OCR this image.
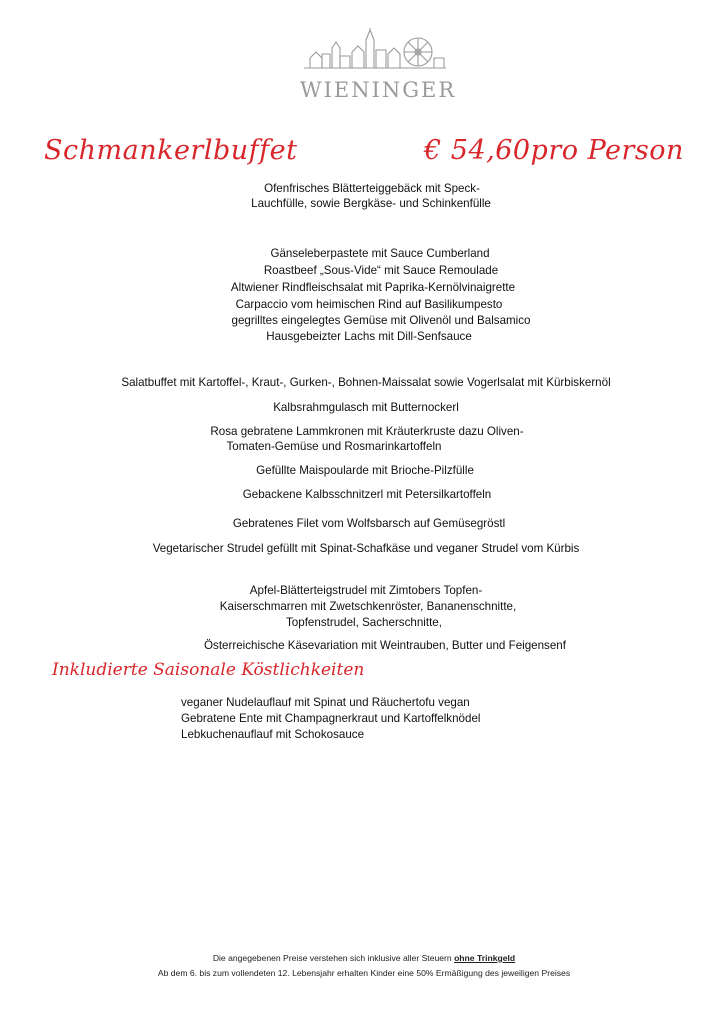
WIENINGER
Schmankerlbuffet	€ 54,60pro Person
Ofenfrisches Blätterteiggebäck mit Speck-
Lauchfülle, sowie Bergkäse- und Schinkenfülle
Gänseleberpastete mit Sauce Cumberland
Roastbeef „Sous-Vide“ mit Sauce Remoulade
Altwiener Rindfleischsalat mit Paprika-Kernölvinaigrette
Carpaccio vom heimischen Rind auf Basilikumpesto
gegrilltes eingelegtes Gemüse mit Olivenöl und Balsamico
Hausgebeizter Lachs mit Dill-Senfsauce
Salatbuffet mit Kartoffel-, Kraut-, Gurken-, Bohnen-Maissalat sowie Vogerlsalat mit Kürbiskernöl
Kalbsrahmgulasch mit Butternockerl
Rosa gebratene Lammkronen mit Kräuterkruste dazu Oliven-
Tomaten-Gemüse und Rosmarinkartoffeln
Gefüllte Maispoularde mit Brioche-Pilzfülle
Gebackene Kalbsschnitzerl mit Petersilkartoffeln
Gebratenes Filet vom Wolfsbarsch auf Gemüsegröstl
Vegetarischer Strudel gefüllt mit Spinat-Schafkäse und veganer Strudel vom Kürbis
Apfel-Blätterteigstrudel mit Zimtobers Topfen-
Kaiserschmarren mit Zwetschkenröster, Bananenschnitte,
Topfenstrudel, Sacherschnitte,
Österreichische Käsevariation mit Weintrauben, Butter und Feigensenf
Inkludierte Saisonale Köstlichkeiten
veganer Nudelauflauf mit Spinat und Räuchertofu vegan
Gebratene Ente mit Champagnerkraut und Kartoffelknödel
Lebkuchenauflauf mit Schokosauce
Die angegebenen Preise verstehen sich inklusive aller Steuern ohne Trinkgeld
Ab dem 6. bis zum vollendeten 12. Lebensjahr erhalten Kinder eine 50% Ermäßigung des jeweiligen Preises
